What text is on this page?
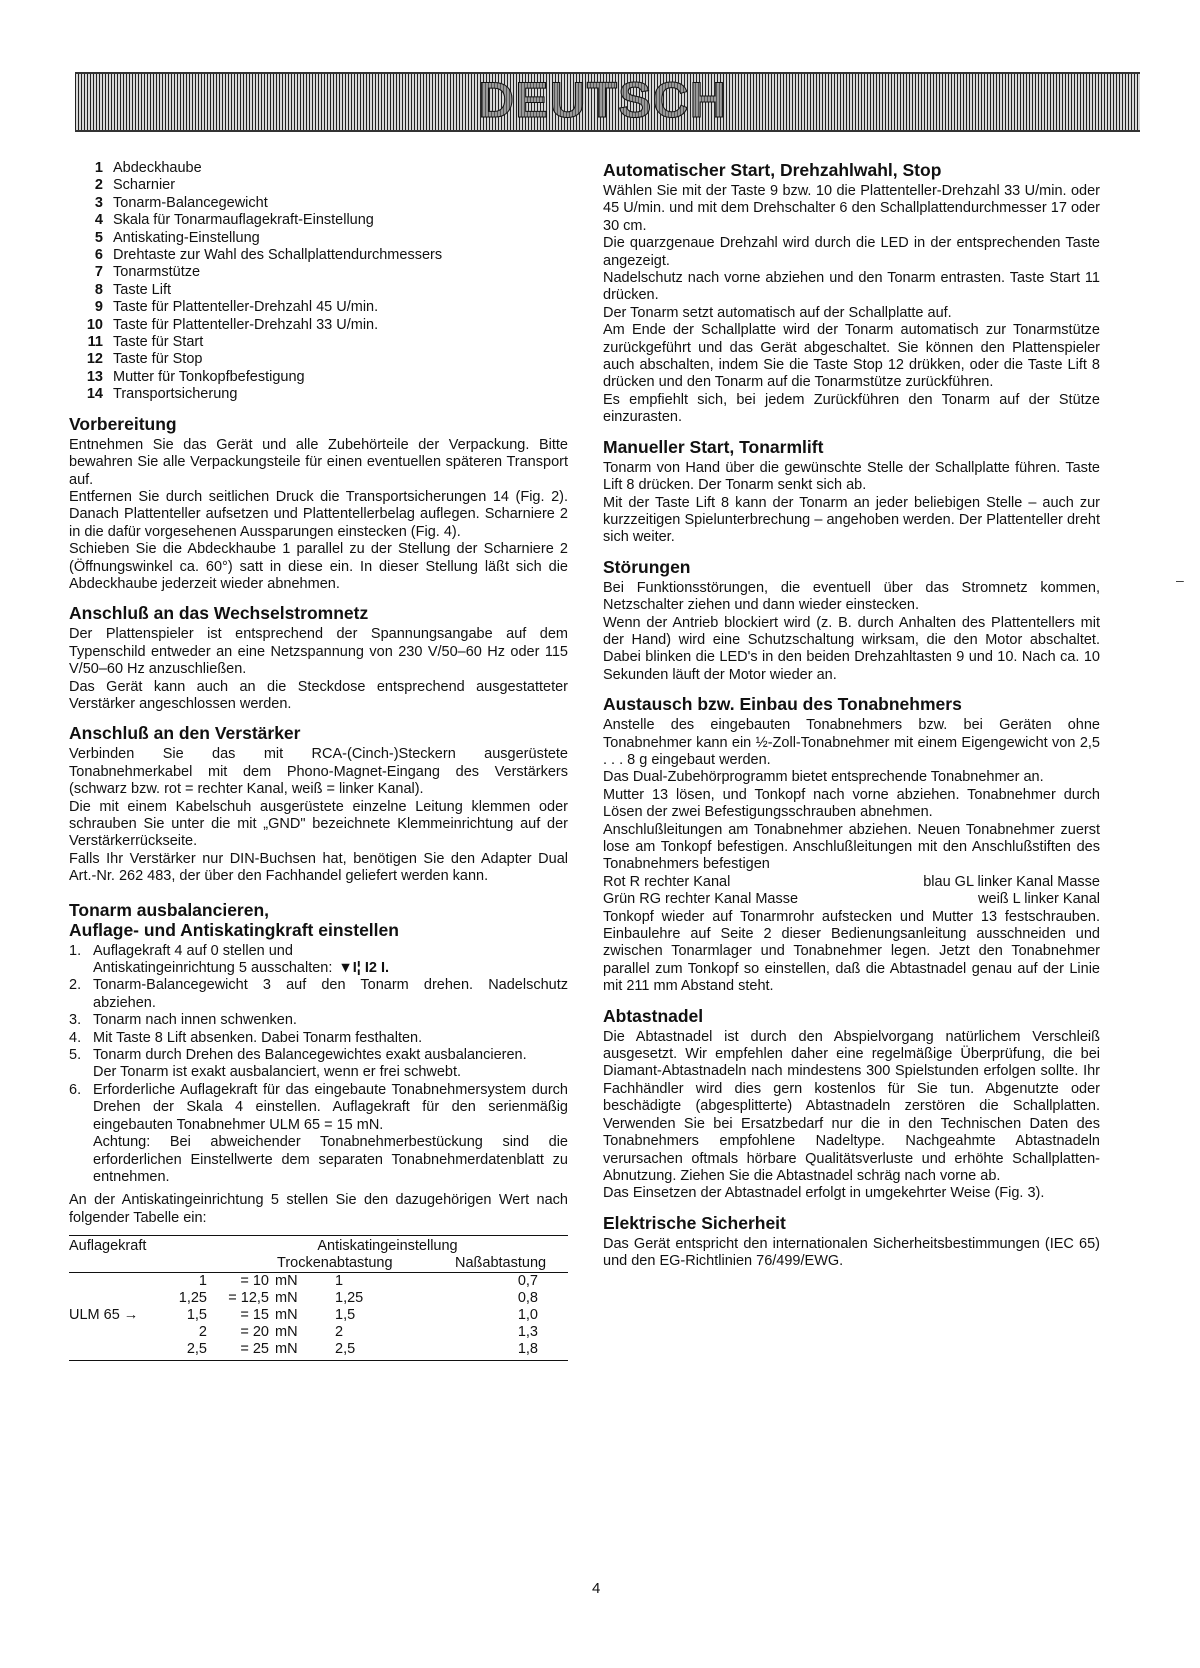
DEUTSCH
1 Abdeckhaube
2 Scharnier
3 Tonarm-Balancegewicht
4 Skala für Tonarmauflagekraft-Einstellung
5 Antiskating-Einstellung
6 Drehtaste zur Wahl des Schallplattendurchmessers
7 Tonarmstütze
8 Taste Lift
9 Taste für Plattenteller-Drehzahl 45 U/min.
10 Taste für Plattenteller-Drehzahl 33 U/min.
11 Taste für Start
12 Taste für Stop
13 Mutter für Tonkopfbefestigung
14 Transportsicherung
Vorbereitung

Entnehmen Sie das Gerät und alle Zubehörteile der Verpackung. Bitte bewahren Sie alle Verpackungsteile für einen eventuellen späteren Transport auf.

Entfernen Sie durch seitlichen Druck die Transportsicherungen 14 (Fig. 2). Danach Plattenteller aufsetzen und Plattentellerbelag auflegen. Scharniere 2 in die dafür vorgesehenen Aussparungen einstecken (Fig. 4).

Schieben Sie die Abdeckhaube 1 parallel zu der Stellung der Scharniere 2 (Öffnungswinkel ca. 60°) satt in diese ein. In dieser Stellung läßt sich die Abdeckhaube jederzeit wieder abnehmen.

Anschluß an das Wechselstromnetz

Der Plattenspieler ist entsprechend der Spannungsangabe auf dem Typenschild entweder an eine Netzspannung von 230 V/50–60 Hz oder 115 V/50–60 Hz anzuschließen.

Das Gerät kann auch an die Steckdose entsprechend ausgestatteter Verstärker angeschlossen werden.

Anschluß an den Verstärker

Verbinden Sie das mit RCA-(Cinch-)Steckern ausgerüstete Tonabnehmerkabel mit dem Phono-Magnet-Eingang des Verstärkers (schwarz bzw. rot = rechter Kanal, weiß = linker Kanal).

Die mit einem Kabelschuh ausgerüstete einzelne Leitung klemmen oder schrauben Sie unter die mit „GND" bezeichnete Klemmeinrichtung auf der Verstärkerrückseite.

Falls Ihr Verstärker nur DIN-Buchsen hat, benötigen Sie den Adapter Dual Art.-Nr. 262 483, der über den Fachhandel geliefert werden kann.

Tonarm ausbalancieren,
Auflage- und Antiskatingkraft einstellen
1. Auflagekraft 4 auf 0 stellen und

Antiskatingeinrichtung 5 ausschalten: ▼I¦ I2 I.

2. Tonarm-Balancegewicht 3 auf den Tonarm drehen. Nadelschutz abziehen.

3. Tonarm nach innen schwenken.

4. Mit Taste 8 Lift absenken. Dabei Tonarm festhalten.

5. Tonarm durch Drehen des Balancegewichtes exakt ausbalancieren.

Der Tonarm ist exakt ausbalanciert, wenn er frei schwebt.

6. Erforderliche Auflagekraft für das eingebaute Tonabnehmersystem durch Drehen der Skala 4 einstellen. Auflagekraft für den serienmäßig eingebauten Tonabnehmer ULM 65 = 15 mN.

Achtung: Bei abweichender Tonabnehmerbestückung sind die erforderlichen Einstellwerte dem separaten Tonabnehmerdatenblatt zu entnehmen.

An der Antiskatingeinrichtung 5 stellen Sie den dazugehörigen Wert nach folgender Tabelle ein:

Auflagekraft		Antiskatingeinstellung			
			Trockenabtastung		Naßabtastung
	1	= 10	mN	1	0,7
	1,25	= 12,5	mN	1,25	0,8
ULM 65 →	1,5	= 15	mN	1,5	1,0
	2	= 20	mN	2	1,3
	2,5	= 25	mN	2,5	1,8
Automatischer Start, Drehzahlwahl, Stop

Wählen Sie mit der Taste 9 bzw. 10 die Plattenteller-Drehzahl 33 U/min. oder 45 U/min. und mit dem Drehschalter 6 den Schallplattendurchmesser 17 oder 30 cm.

Die quarzgenaue Drehzahl wird durch die LED in der entsprechenden Taste angezeigt.

Nadelschutz nach vorne abziehen und den Tonarm entrasten. Taste Start 11 drücken.

Der Tonarm setzt automatisch auf der Schallplatte auf.

Am Ende der Schallplatte wird der Tonarm automatisch zur Tonarmstütze zurückgeführt und das Gerät abgeschaltet. Sie können den Plattenspieler auch abschalten, indem Sie die Taste Stop 12 drükken, oder die Taste Lift 8 drücken und den Tonarm auf die Tonarmstütze zurückführen.

Es empfiehlt sich, bei jedem Zurückführen den Tonarm auf der Stütze einzurasten.

Manueller Start, Tonarmlift

Tonarm von Hand über die gewünschte Stelle der Schallplatte führen. Taste Lift 8 drücken. Der Tonarm senkt sich ab.

Mit der Taste Lift 8 kann der Tonarm an jeder beliebigen Stelle – auch zur kurzzeitigen Spielunterbrechung – angehoben werden. Der Plattenteller dreht sich weiter.

Störungen

Bei Funktionsstörungen, die eventuell über das Stromnetz kommen, Netzschalter ziehen und dann wieder einstecken.

Wenn der Antrieb blockiert wird (z. B. durch Anhalten des Plattentellers mit der Hand) wird eine Schutzschaltung wirksam, die den Motor abschaltet. Dabei blinken die LED's in den beiden Drehzahltasten 9 und 10. Nach ca. 10 Sekunden läuft der Motor wieder an.

Austausch bzw. Einbau des Tonabnehmers

Anstelle des eingebauten Tonabnehmers bzw. bei Geräten ohne Tonabnehmer kann ein ½-Zoll-Tonabnehmer mit einem Eigengewicht von 2,5 . . . 8 g eingebaut werden.

Das Dual-Zubehörprogramm bietet entsprechende Tonabnehmer an.

Mutter 13 lösen, und Tonkopf nach vorne abziehen. Tonabnehmer durch Lösen der zwei Befestigungsschrauben abnehmen.

Anschlußleitungen am Tonabnehmer abziehen. Neuen Tonabnehmer zuerst lose am Tonkopf befestigen. Anschlußleitungen mit den Anschlußstiften des Tonabnehmers befestigen

Rot R rechter Kanal	blau GL linker Kanal Masse
Grün RG rechter Kanal Masse	weiß L linker Kanal

Tonkopf wieder auf Tonarmrohr aufstecken und Mutter 13 festschrauben. Einbaulehre auf Seite 2 dieser Bedienungsanleitung ausschneiden und zwischen Tonarmlager und Tonabnehmer legen. Jetzt den Tonabnehmer parallel zum Tonkopf so einstellen, daß die Abtastnadel genau auf der Linie mit 211 mm Abstand steht.

Abtastnadel

Die Abtastnadel ist durch den Abspielvorgang natürlichem Verschleiß ausgesetzt. Wir empfehlen daher eine regelmäßige Überprüfung, die bei Diamant-Abtastnadeln nach mindestens 300 Spielstunden erfolgen sollte. Ihr Fachhändler wird dies gern kostenlos für Sie tun. Abgenutzte oder beschädigte (abgesplitterte) Abtastnadeln zerstören die Schallplatten. Verwenden Sie bei Ersatzbedarf nur die in den Technischen Daten des Tonabnehmers empfohlene Nadeltype. Nachgeahmte Abtastnadeln verursachen oftmals hörbare Qualitätsverluste und erhöhte Schallplatten-Abnutzung. Ziehen Sie die Abtastnadel schräg nach vorne ab.

Das Einsetzen der Abtastnadel erfolgt in umgekehrter Weise (Fig. 3).

Elektrische Sicherheit

Das Gerät entspricht den internationalen Sicherheitsbestimmungen (IEC 65) und den EG-Richtlinien 76/499/EWG.

–
4
